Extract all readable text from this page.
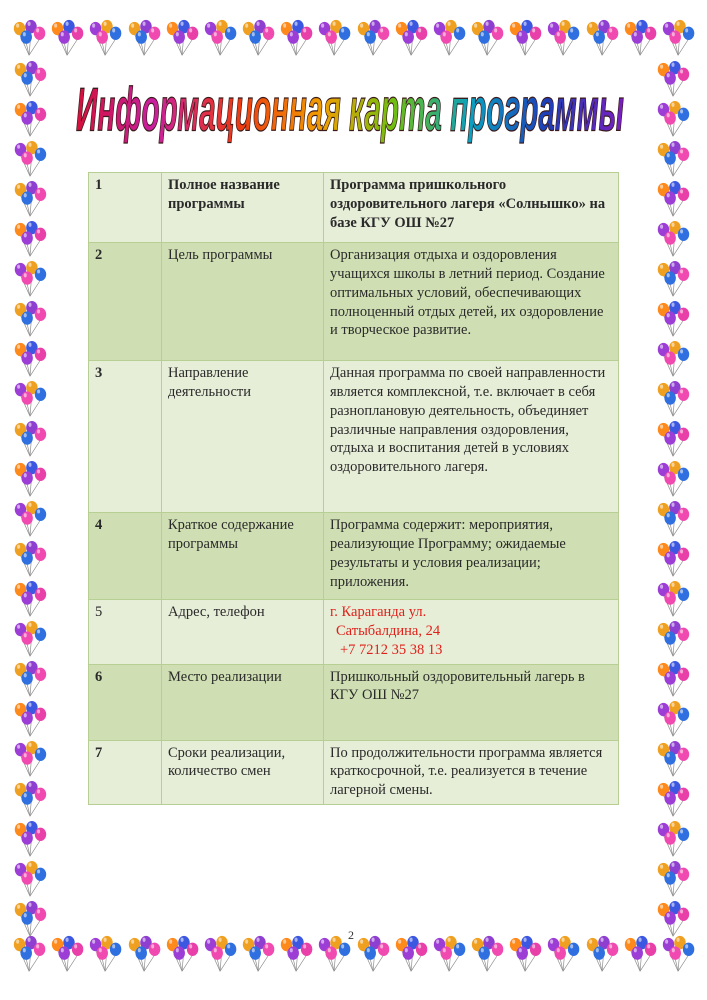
Информационная карта программы
1	Полное название программы	Программа пришкольного оздоровительного лагеря «Солнышко» на базе КГУ ОШ №27
2	Цель программы	Организация отдыха и оздоровления учащихся школы в летний период. Создание оптимальных условий, обеспечивающих полноценный отдых детей, их оздоровление и творческое развитие.
3	Направление деятельности	Данная программа по своей направленности является комплексной, т.е. включает в себя разноплановую деятельность, объединяет различные направления оздоровления, отдыха и воспитания детей в условиях оздоровительного лагеря.
4	Краткое содержание программы	Программа содержит: мероприятия, реализующие Программу; ожидаемые результаты и условия реализации; приложения.
5	Адрес, телефон	г. Караганда ул.
Сатыбалдина, 24
+7 7212 35 38 13

6	Место реализации	Пришкольный оздоровительный лагерь в КГУ ОШ №27
7	Сроки реализации, количество смен	По продолжительности программа является краткосрочной, т.е. реализуется в течение лагерной смены.
2
